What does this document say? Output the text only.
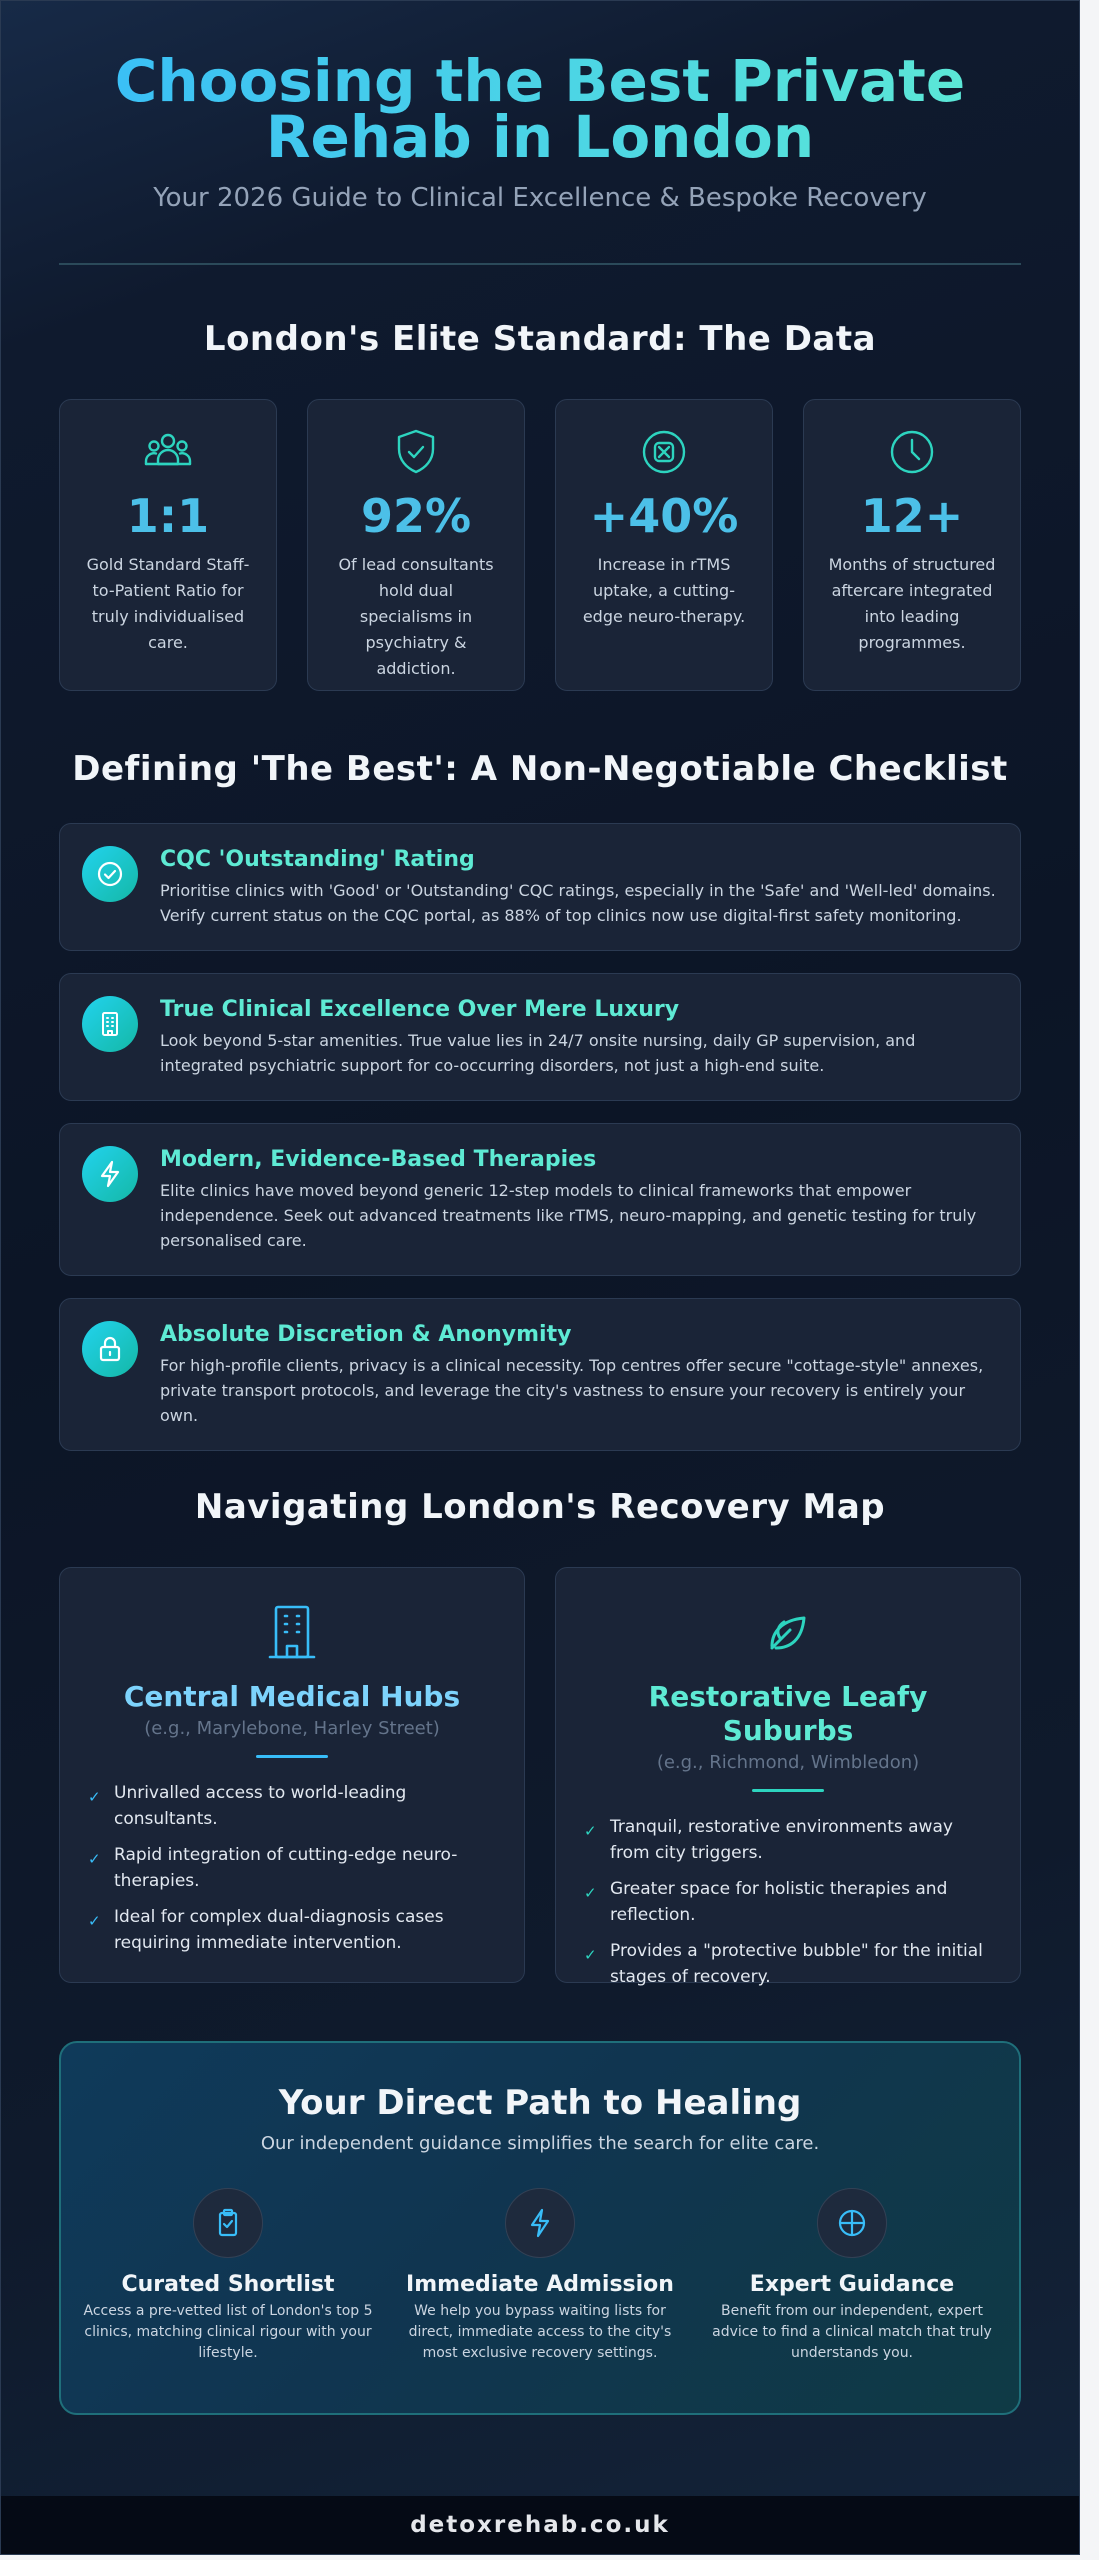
Choosing the Best Private Rehab in London
Your 2026 Guide to Clinical Excellence & Bespoke Recovery
London's Elite Standard: The Data
1:1
Gold Standard Staff-to-Patient Ratio for truly individualised care.
92%
Of lead consultants hold dual specialisms in psychiatry & addiction.
+40%
Increase in rTMS uptake, a cutting-edge neuro-therapy.
12+
Months of structured aftercare integrated into leading programmes.
Defining 'The Best': A Non-Negotiable Checklist
CQC 'Outstanding' Rating
Prioritise clinics with 'Good' or 'Outstanding' CQC ratings, especially in the 'Safe' and 'Well-led' domains. Verify current status on the CQC portal, as 88% of top clinics now use digital-first safety monitoring.
True Clinical Excellence Over Mere Luxury
Look beyond 5-star amenities. True value lies in 24/7 onsite nursing, daily GP supervision, and integrated psychiatric support for co-occurring disorders, not just a high-end suite.
Modern, Evidence-Based Therapies
Elite clinics have moved beyond generic 12-step models to clinical frameworks that empower independence. Seek out advanced treatments like rTMS, neuro-mapping, and genetic testing for truly personalised care.
Absolute Discretion & Anonymity
For high-profile clients, privacy is a clinical necessity. Top centres offer secure "cottage-style" annexes, private transport protocols, and leverage the city's vastness to ensure your recovery is entirely your own.
Navigating London's Recovery Map
Central Medical Hubs
(e.g., Marylebone, Harley Street)
✓ Unrivalled access to world-leading consultants.
✓ Rapid integration of cutting-edge neuro-therapies.
✓ Ideal for complex dual-diagnosis cases requiring immediate intervention.
Restorative Leafy Suburbs
(e.g., Richmond, Wimbledon)
✓ Tranquil, restorative environments away from city triggers.
✓ Greater space for holistic therapies and reflection.
✓ Provides a "protective bubble" for the initial stages of recovery.
Your Direct Path to Healing
Our independent guidance simplifies the search for elite care.
Curated Shortlist
Access a pre-vetted list of London's top 5 clinics, matching clinical rigour with your lifestyle.
Immediate Admission
We help you bypass waiting lists for direct, immediate access to the city's most exclusive recovery settings.
Expert Guidance
Benefit from our independent, expert advice to find a clinical match that truly understands you.
detoxrehab.co.uk
